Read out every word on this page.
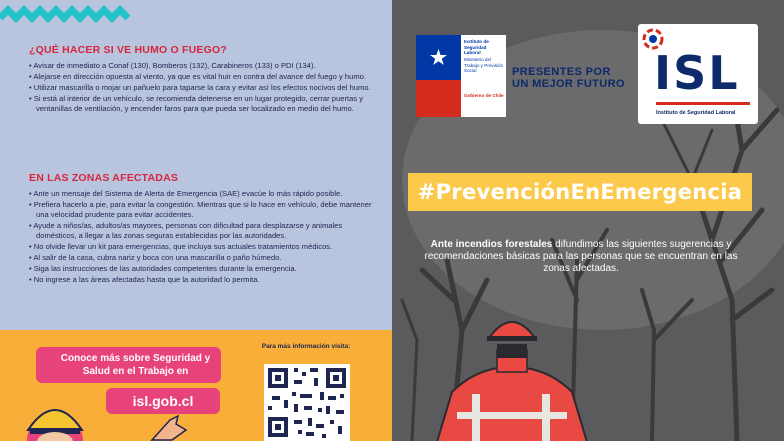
¿QUÉ HACER SI VE HUMO O FUEGO?
• Avisar de inmediato a Conaf (130), Bomberos (132), Carabineros (133) o PDI (134).
• Alejarse en dirección opuesta al viento, ya que es vital huir en contra del avance del fuego y humo.
• Utilizar mascarilla o mojar un pañuelo para taparse la cara y evitar así los efectos nocivos del humo.
• Si está al interior de un vehículo, se recomienda detenerse en un lugar protegido, cerrar puertas y ventanillas de ventilación, y encender faros para que pueda ser localizado en medio del humo.
EN LAS ZONAS AFECTADAS
• Ante un mensaje del Sistema de Alerta de Emergencia (SAE) evacúe lo más rápido posible.
• Prefiera hacerlo a pie, para evitar la congestión. Mientras que si lo hace en vehículo, debe mantener una velocidad prudente para evitar accidentes.
• Ayude a niños/as, adultos/as mayores, personas con dificultad para desplazarse y animales domésticos, a llegar a las zonas seguras establecidas por las autoridades.
• No olvide llevar un kit para emergencias, que incluya sus actuales tratamientos médicos.
• Al salir de la casa, cubra nariz y boca con una mascarilla o paño húmedo.
• Siga las instrucciones de las autoridades competentes durante la emergencia.
• No ingrese a las áreas afectadas hasta que la autoridad lo permita.
Conoce más sobre Seguridad y Salud en el Trabajo en
isl.gob.cl
Para más información visita:
Instituto de Seguridad Laboral
Ministerio del Trabajo y Previsión Social
Gobierno de Chile
PRESENTES POR
UN MEJOR FUTURO ISL
Instituto de Seguridad Laboral
#PrevenciónEnEmergencia
Ante incendios forestales difundimos las siguientes sugerencias y recomendaciones básicas para las personas que se encuentran en las zonas afectadas.
